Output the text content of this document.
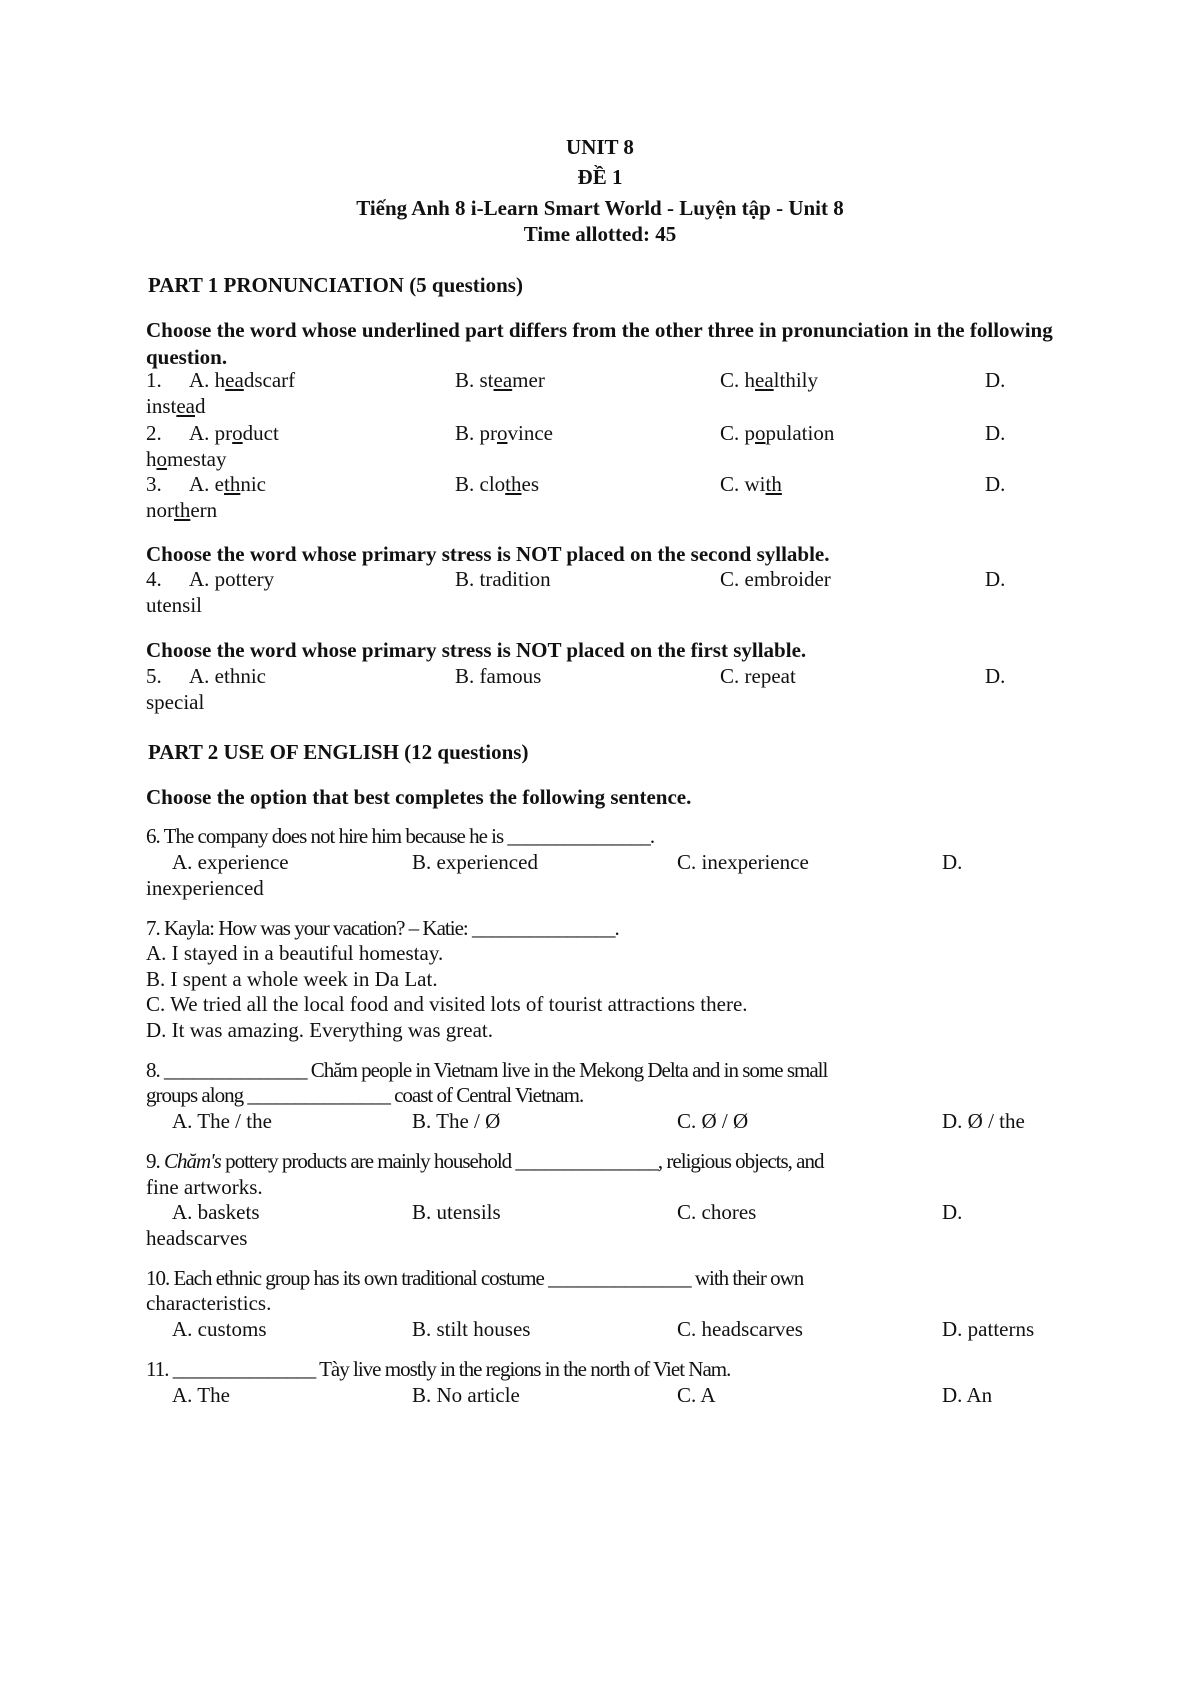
UNIT 8
ĐỀ 1
Tiếng Anh 8 i-Learn Smart World - Luyện tập - Unit 8
Time allotted: 45
PART 1 PRONUNCIATION (5 questions)
Choose the word whose underlined part differs from the other three in pronunciation in the following question.
1. A. headscarf	B. steamer	C. healthily	D.
instead
2. A. product	B. province	C. population	D.
homestay
3. A. ethnic	B. clothes	C. with	D.
northern
Choose the word whose primary stress is NOT placed on the second syllable.
4. A. pottery	B. tradition	C. embroider	D.
utensil
Choose the word whose primary stress is NOT placed on the first syllable.
5. A. ethnic	B. famous	C. repeat	D.
special
PART 2 USE OF ENGLISH (12 questions)
Choose the option that best completes the following sentence.
6. The company does not hire him because he is _______________.
A. experience	B. experienced	C. inexperience	D.
inexperienced
7. Kayla: How was your vacation? – Katie: _______________.
A. I stayed in a beautiful homestay.
B. I spent a whole week in Da Lat.
C. We tried all the local food and visited lots of tourist attractions there.
D. It was amazing. Everything was great.
8. _______________ Chăm people in Vietnam live in the Mekong Delta and in some small
groups along _______________ coast of Central Vietnam.
A. The / the	B. The / Ø	C. Ø / Ø	D. Ø / the
9. Chăm's pottery products are mainly household _______________, religious objects, and
fine artworks.
A. baskets	B. utensils	C. chores	D.
headscarves
10. Each ethnic group has its own traditional costume _______________ with their own
characteristics.
A. customs	B. stilt houses	C. headscarves	D. patterns
11. _______________ Tày live mostly in the regions in the north of Viet Nam.
A. The	B. No article	C. A	D. An
